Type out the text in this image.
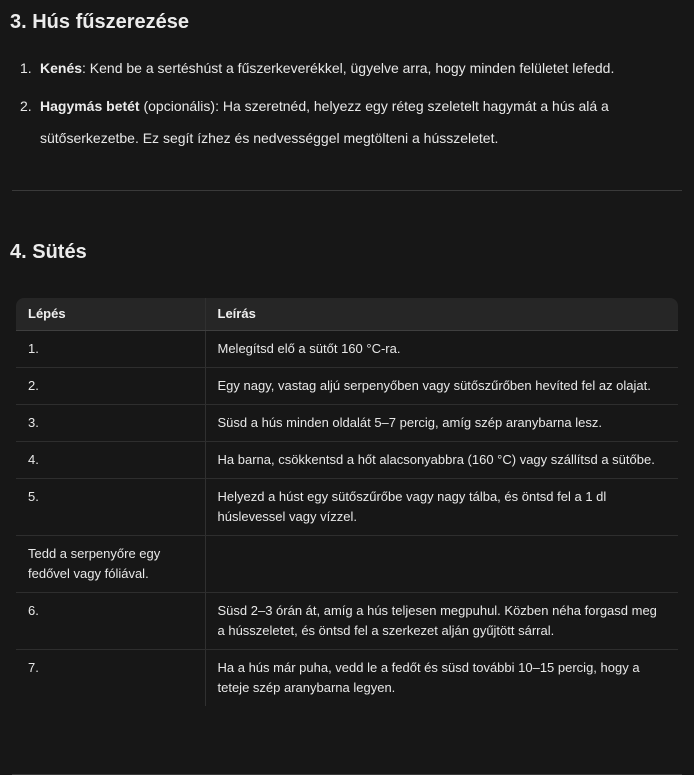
3. Hús fűszerezése
1. Kenés: Kend be a sertéshúst a fűszerkeverékkel, ügyelve arra, hogy minden felületet lefedd.
2. Hagymás betét (opcionális): Ha szeretnéd, helyezz egy réteg szeletelt hagymát a hús alá a sütőserkezetbe. Ez segít ízhez és nedvességgel megtölteni a hússzeletet.
4. Sütés
Lépés	Leírás
1.	Melegítsd elő a sütőt 160 °C-ra.
2.	Egy nagy, vastag aljú serpenyőben vagy sütőszűrőben hevíted fel az olajat.
3.	Süsd a hús minden oldalát 5–7 percig, amíg szép aranybarna lesz.
4.	Ha barna, csökkentsd a hőt alacsonyabbra (160 °C) vagy szállítsd a sütőbe.
5.	Helyezd a húst egy sütőszűrőbe vagy nagy tálba, és öntsd fel a 1 dl húslevessel vagy vízzel.
Tedd a serpenyőre egy fedővel vagy fóliával.	
6.	Süsd 2–3 órán át, amíg a hús teljesen megpuhul. Közben néha forgasd meg a hússzeletet, és öntsd fel a szerkezet alján gyűjtött sárral.
7.	Ha a hús már puha, vedd le a fedőt és süsd további 10–15 percig, hogy a teteje szép aranybarna legyen.
